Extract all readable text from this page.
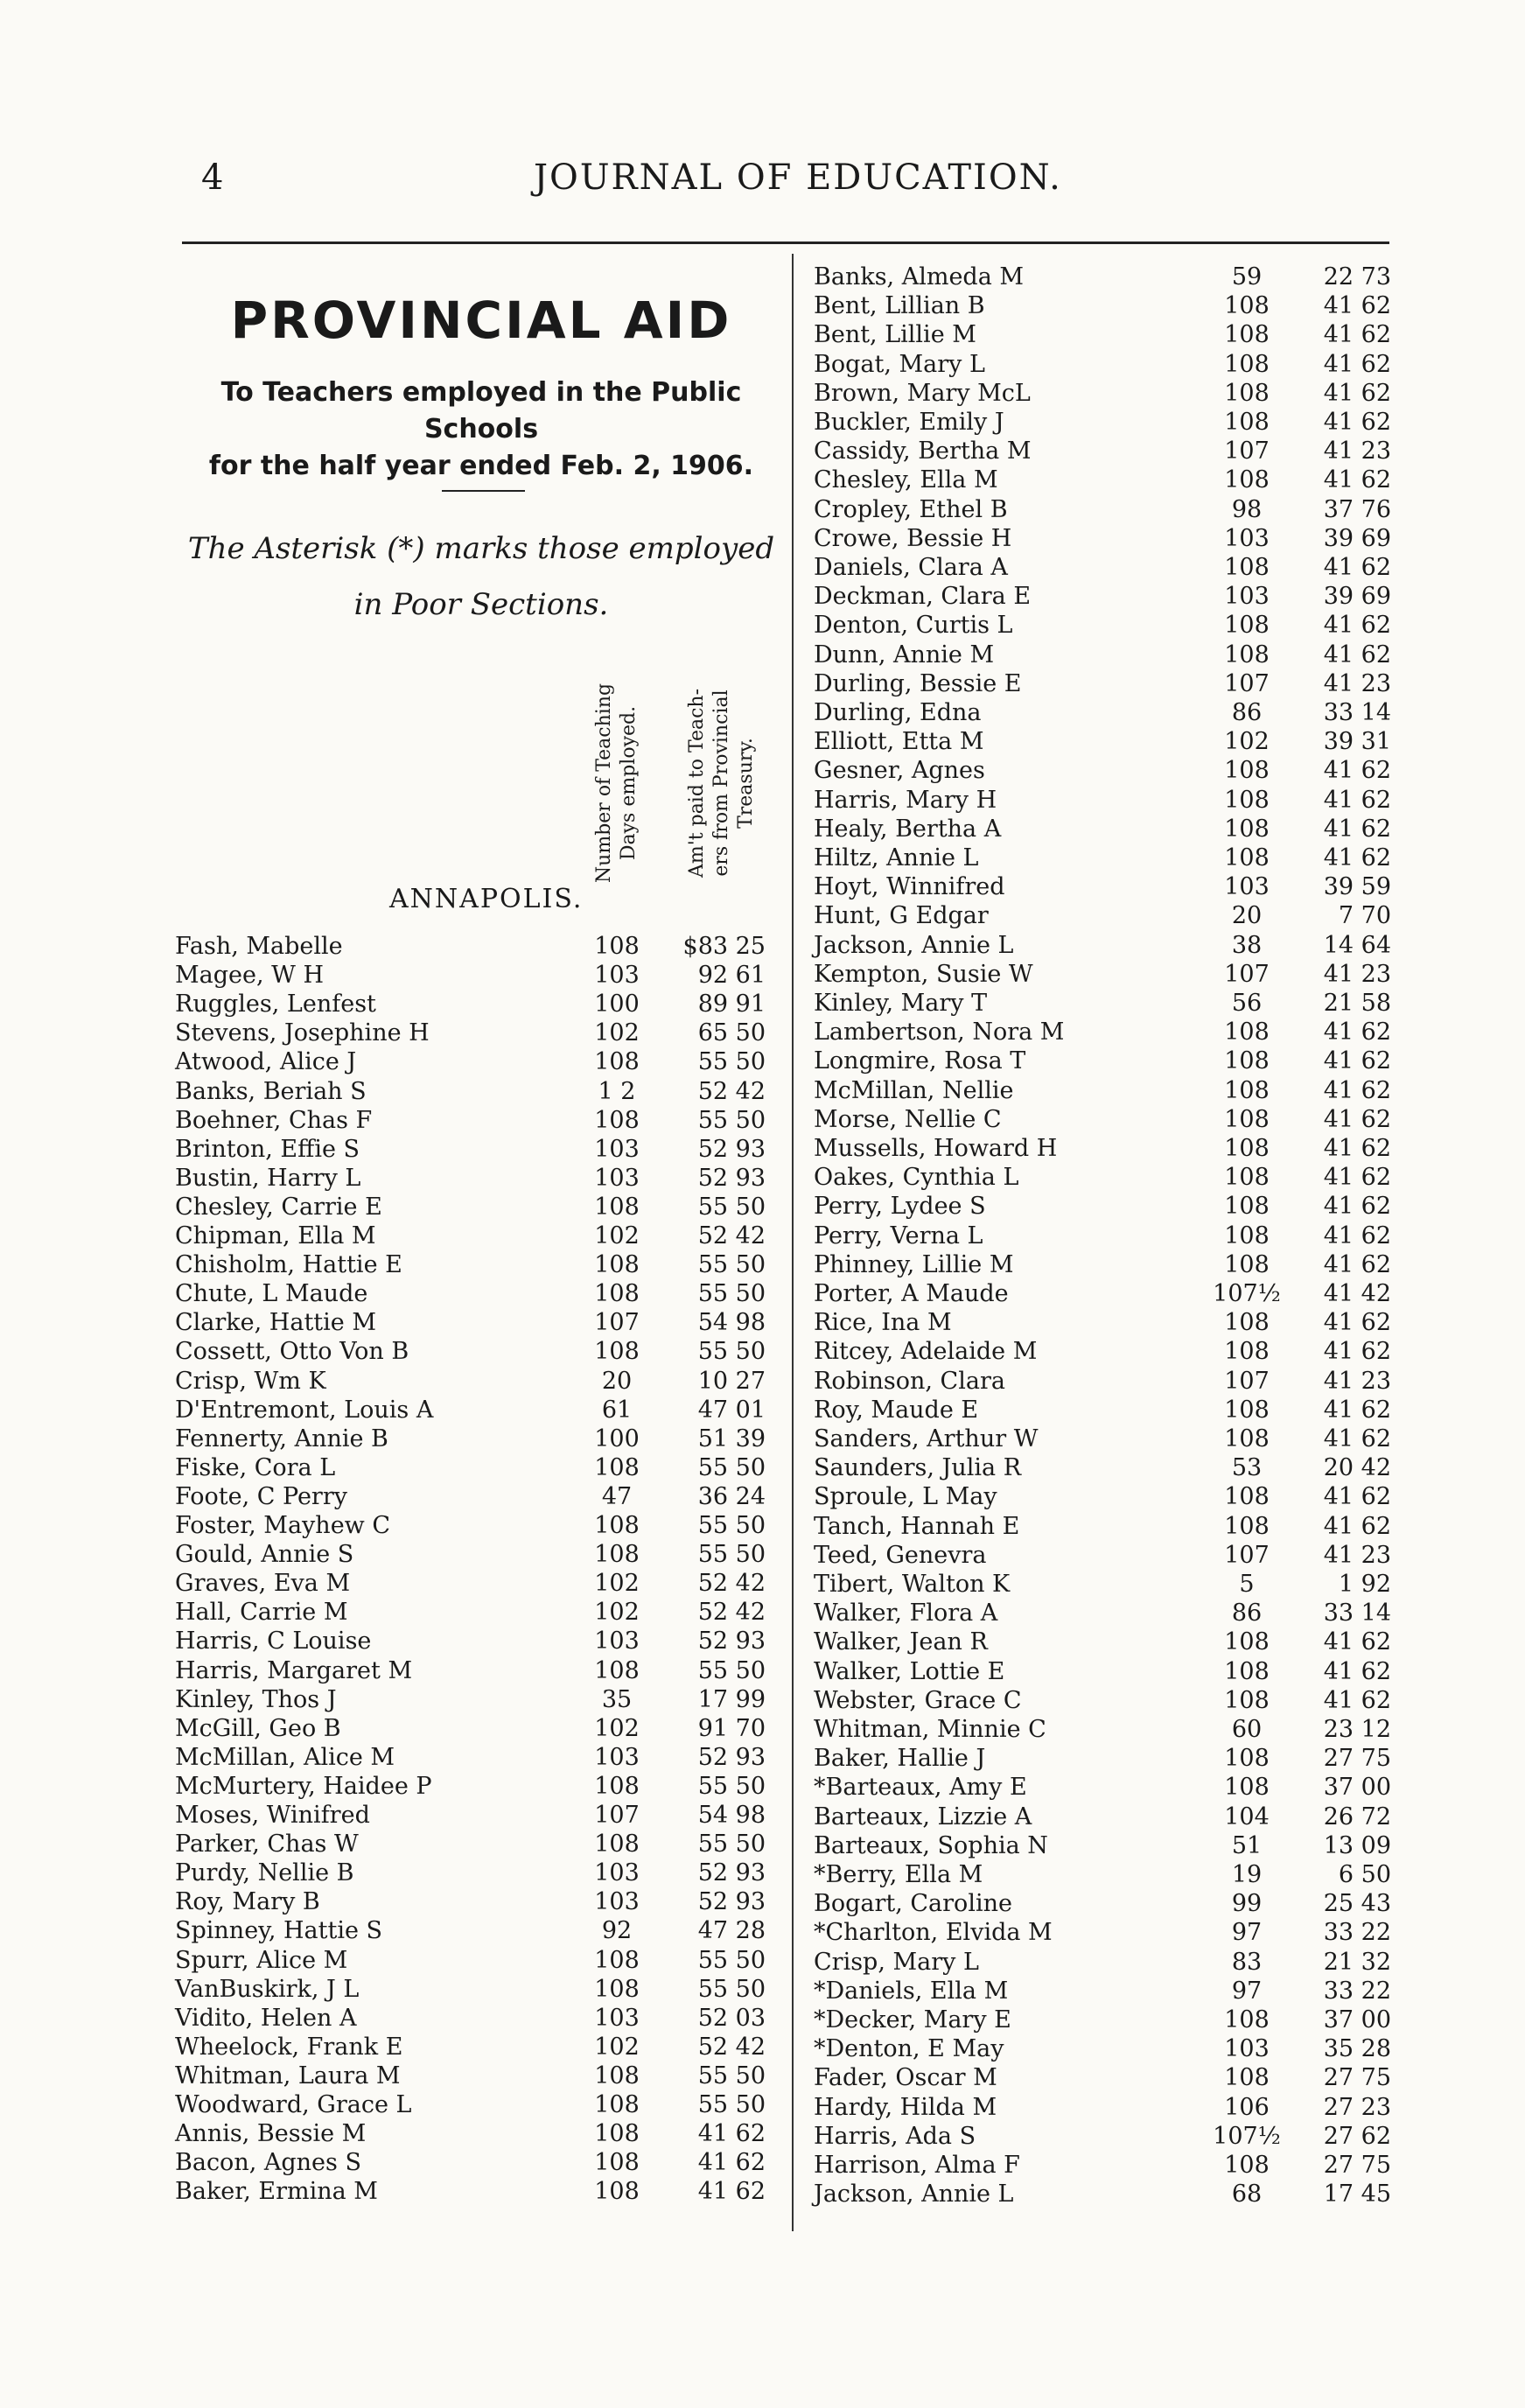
4	JOURNAL OF EDUCATION.
PROVINCIAL AID
To Teachers employed in the Public Schools
for the half year ended Feb. 2, 1906.
The Asterisk (*) marks those employed
in Poor Sections.
Number of Teaching Days employed. Am't paid to Teach- ers from Provincial Treasury.
ANNAPOLIS.
Fash, Mabelle	108	$83 25
Magee, W H	103	92 61
Ruggles, Lenfest	100	89 91
Stevens, Josephine H	102	65 50
Atwood, Alice J	108	55 50
Banks, Beriah S	1 2	52 42
Boehner, Chas F	108	55 50
Brinton, Effie S	103	52 93
Bustin, Harry L	103	52 93
Chesley, Carrie E	108	55 50
Chipman, Ella M	102	52 42
Chisholm, Hattie E	108	55 50
Chute, L Maude	108	55 50
Clarke, Hattie M	107	54 98
Cossett, Otto Von B	108	55 50
Crisp, Wm K	20	10 27
D'Entremont, Louis A	61	47 01
Fennerty, Annie B	100	51 39
Fiske, Cora L	108	55 50
Foote, C Perry	47	36 24
Foster, Mayhew C	108	55 50
Gould, Annie S	108	55 50
Graves, Eva M	102	52 42
Hall, Carrie M	102	52 42
Harris, C Louise	103	52 93
Harris, Margaret M	108	55 50
Kinley, Thos J	35	17 99
McGill, Geo B	102	91 70
McMillan, Alice M	103	52 93
McMurtery, Haidee P	108	55 50
Moses, Winifred	107	54 98
Parker, Chas W	108	55 50
Purdy, Nellie B	103	52 93
Roy, Mary B	103	52 93
Spinney, Hattie S	92	47 28
Spurr, Alice M	108	55 50
VanBuskirk, J L	108	55 50
Vidito, Helen A	103	52 03
Wheelock, Frank E	102	52 42
Whitman, Laura M	108	55 50
Woodward, Grace L	108	55 50
Annis, Bessie M	108	41 62
Bacon, Agnes S	108	41 62
Baker, Ermina M	108	41 62
Banks, Almeda M	59	22 73
Bent, Lillian B	108	41 62
Bent, Lillie M	108	41 62
Bogat, Mary L	108	41 62
Brown, Mary McL	108	41 62
Buckler, Emily J	108	41 62
Cassidy, Bertha M	107	41 23
Chesley, Ella M	108	41 62
Cropley, Ethel B	98	37 76
Crowe, Bessie H	103	39 69
Daniels, Clara A	108	41 62
Deckman, Clara E	103	39 69
Denton, Curtis L	108	41 62
Dunn, Annie M	108	41 62
Durling, Bessie E	107	41 23
Durling, Edna	86	33 14
Elliott, Etta M	102	39 31
Gesner, Agnes	108	41 62
Harris, Mary H	108	41 62
Healy, Bertha A	108	41 62
Hiltz, Annie L	108	41 62
Hoyt, Winnifred	103	39 59
Hunt, G Edgar	20	7 70
Jackson, Annie L	38	14 64
Kempton, Susie W	107	41 23
Kinley, Mary T	56	21 58
Lambertson, Nora M	108	41 62
Longmire, Rosa T	108	41 62
McMillan, Nellie	108	41 62
Morse, Nellie C	108	41 62
Mussells, Howard H	108	41 62
Oakes, Cynthia L	108	41 62
Perry, Lydee S	108	41 62
Perry, Verna L	108	41 62
Phinney, Lillie M	108	41 62
Porter, A Maude	107½	41 42
Rice, Ina M	108	41 62
Ritcey, Adelaide M	108	41 62
Robinson, Clara	107	41 23
Roy, Maude E	108	41 62
Sanders, Arthur W	108	41 62
Saunders, Julia R	53	20 42
Sproule, L May	108	41 62
Tanch, Hannah E	108	41 62
Teed, Genevra	107	41 23
Tibert, Walton K	5	1 92
Walker, Flora A	86	33 14
Walker, Jean R	108	41 62
Walker, Lottie E	108	41 62
Webster, Grace C	108	41 62
Whitman, Minnie C	60	23 12
Baker, Hallie J	108	27 75
*Barteaux, Amy E	108	37 00
Barteaux, Lizzie A	104	26 72
Barteaux, Sophia N	51	13 09
*Berry, Ella M	19	6 50
Bogart, Caroline	99	25 43
*Charlton, Elvida M	97	33 22
Crisp, Mary L	83	21 32
*Daniels, Ella M	97	33 22
*Decker, Mary E	108	37 00
*Denton, E May	103	35 28
Fader, Oscar M	108	27 75
Hardy, Hilda M	106	27 23
Harris, Ada S	107½	27 62
Harrison, Alma F	108	27 75
Jackson, Annie L	68	17 45
